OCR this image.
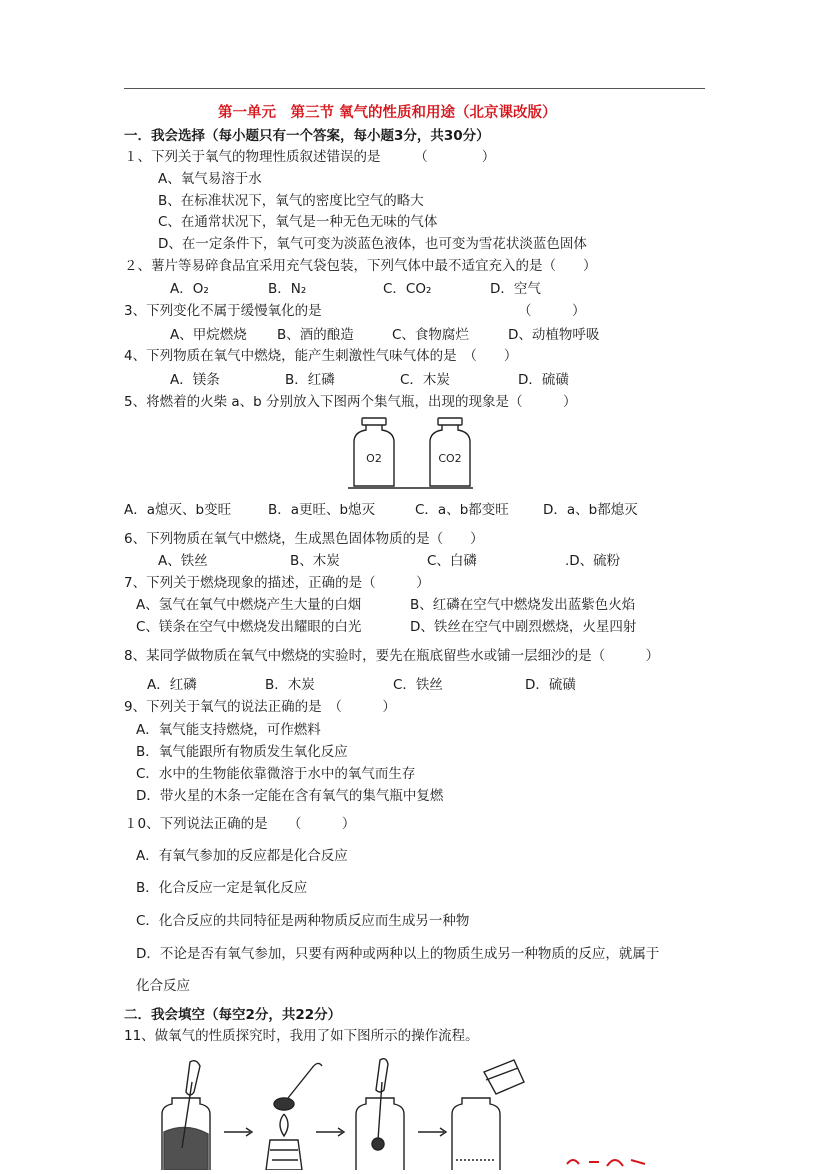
第一单元　第三节 氧气的性质和用途（北京课改版）
一．我会选择（每小题只有一个答案，每小题3分，共30分）
１、下列关于氧气的物理性质叙述错误的是　　　（　　　　）
A、氧气易溶于水
B、在标准状况下，氧气的密度比空气的略大
C、在通常状况下，氧气是一种无色无味的气体
D、在一定条件下，氧气可变为淡蓝色液体，也可变为雪花状淡蓝色固体
２、薯片等易碎食品宜采用充气袋包装，下列气体中最不适宜充入的是（　　）
A．O₂	B．N₂	C．CO₂	D．空气
3、下列变化不属于缓慢氧化的是	（　　　）
A、甲烷燃烧 B、酒的酿造	C、食物腐烂	D、动植物呼吸
4、下列物质在氧气中燃烧，能产生刺激性气味气体的是　（　　）
A．镁条	B．红磷	C．木炭	D．硫磺
5、将燃着的火柴 a、b 分别放入下图两个集气瓶，出现的现象是（　　　）
O2	CO2
A．a熄灭、b变旺	B．a更旺、b熄灭	C．a、b都变旺	D．a、b都熄灭
6、下列物质在氧气中燃烧，生成黑色固体物质的是（　　）
A、铁丝	B、木炭	C、白磷	.D、硫粉
7、下列关于燃烧现象的描述，正确的是（　　　）
A、氢气在氧气中燃烧产生大量的白烟	B、红磷在空气中燃烧发出蓝紫色火焰
C、镁条在空气中燃烧发出耀眼的白光	D、铁丝在空气中剧烈燃烧，火星四射
8、某同学做物质在氧气中燃烧的实验时，要先在瓶底留些水或铺一层细沙的是（　　　）
A．红磷	B．木炭	C．铁丝	D．硫磺
9、下列关于氧气的说法正确的是　（　　　）
A．氧气能支持燃烧，可作燃料
B．氧气能跟所有物质发生氧化反应
C．水中的生物能依靠微溶于水中的氧气而生存
D．带火星的木条一定能在含有氧气的集气瓶中复燃
１0、下列说法正确的是　　（　　　）
A．有氧气参加的反应都是化合反应
B．化合反应一定是氧化反应
C．化合反应的共同特征是两种物质反应而生成另一种物
D．不论是否有氧气参加，只要有两种或两种以上的物质生成另一种物质的反应，就属于
化合反应
二．我会填空（每空2分，共22分）
11、做氧气的性质探究时，我用了如下图所示的操作流程。
